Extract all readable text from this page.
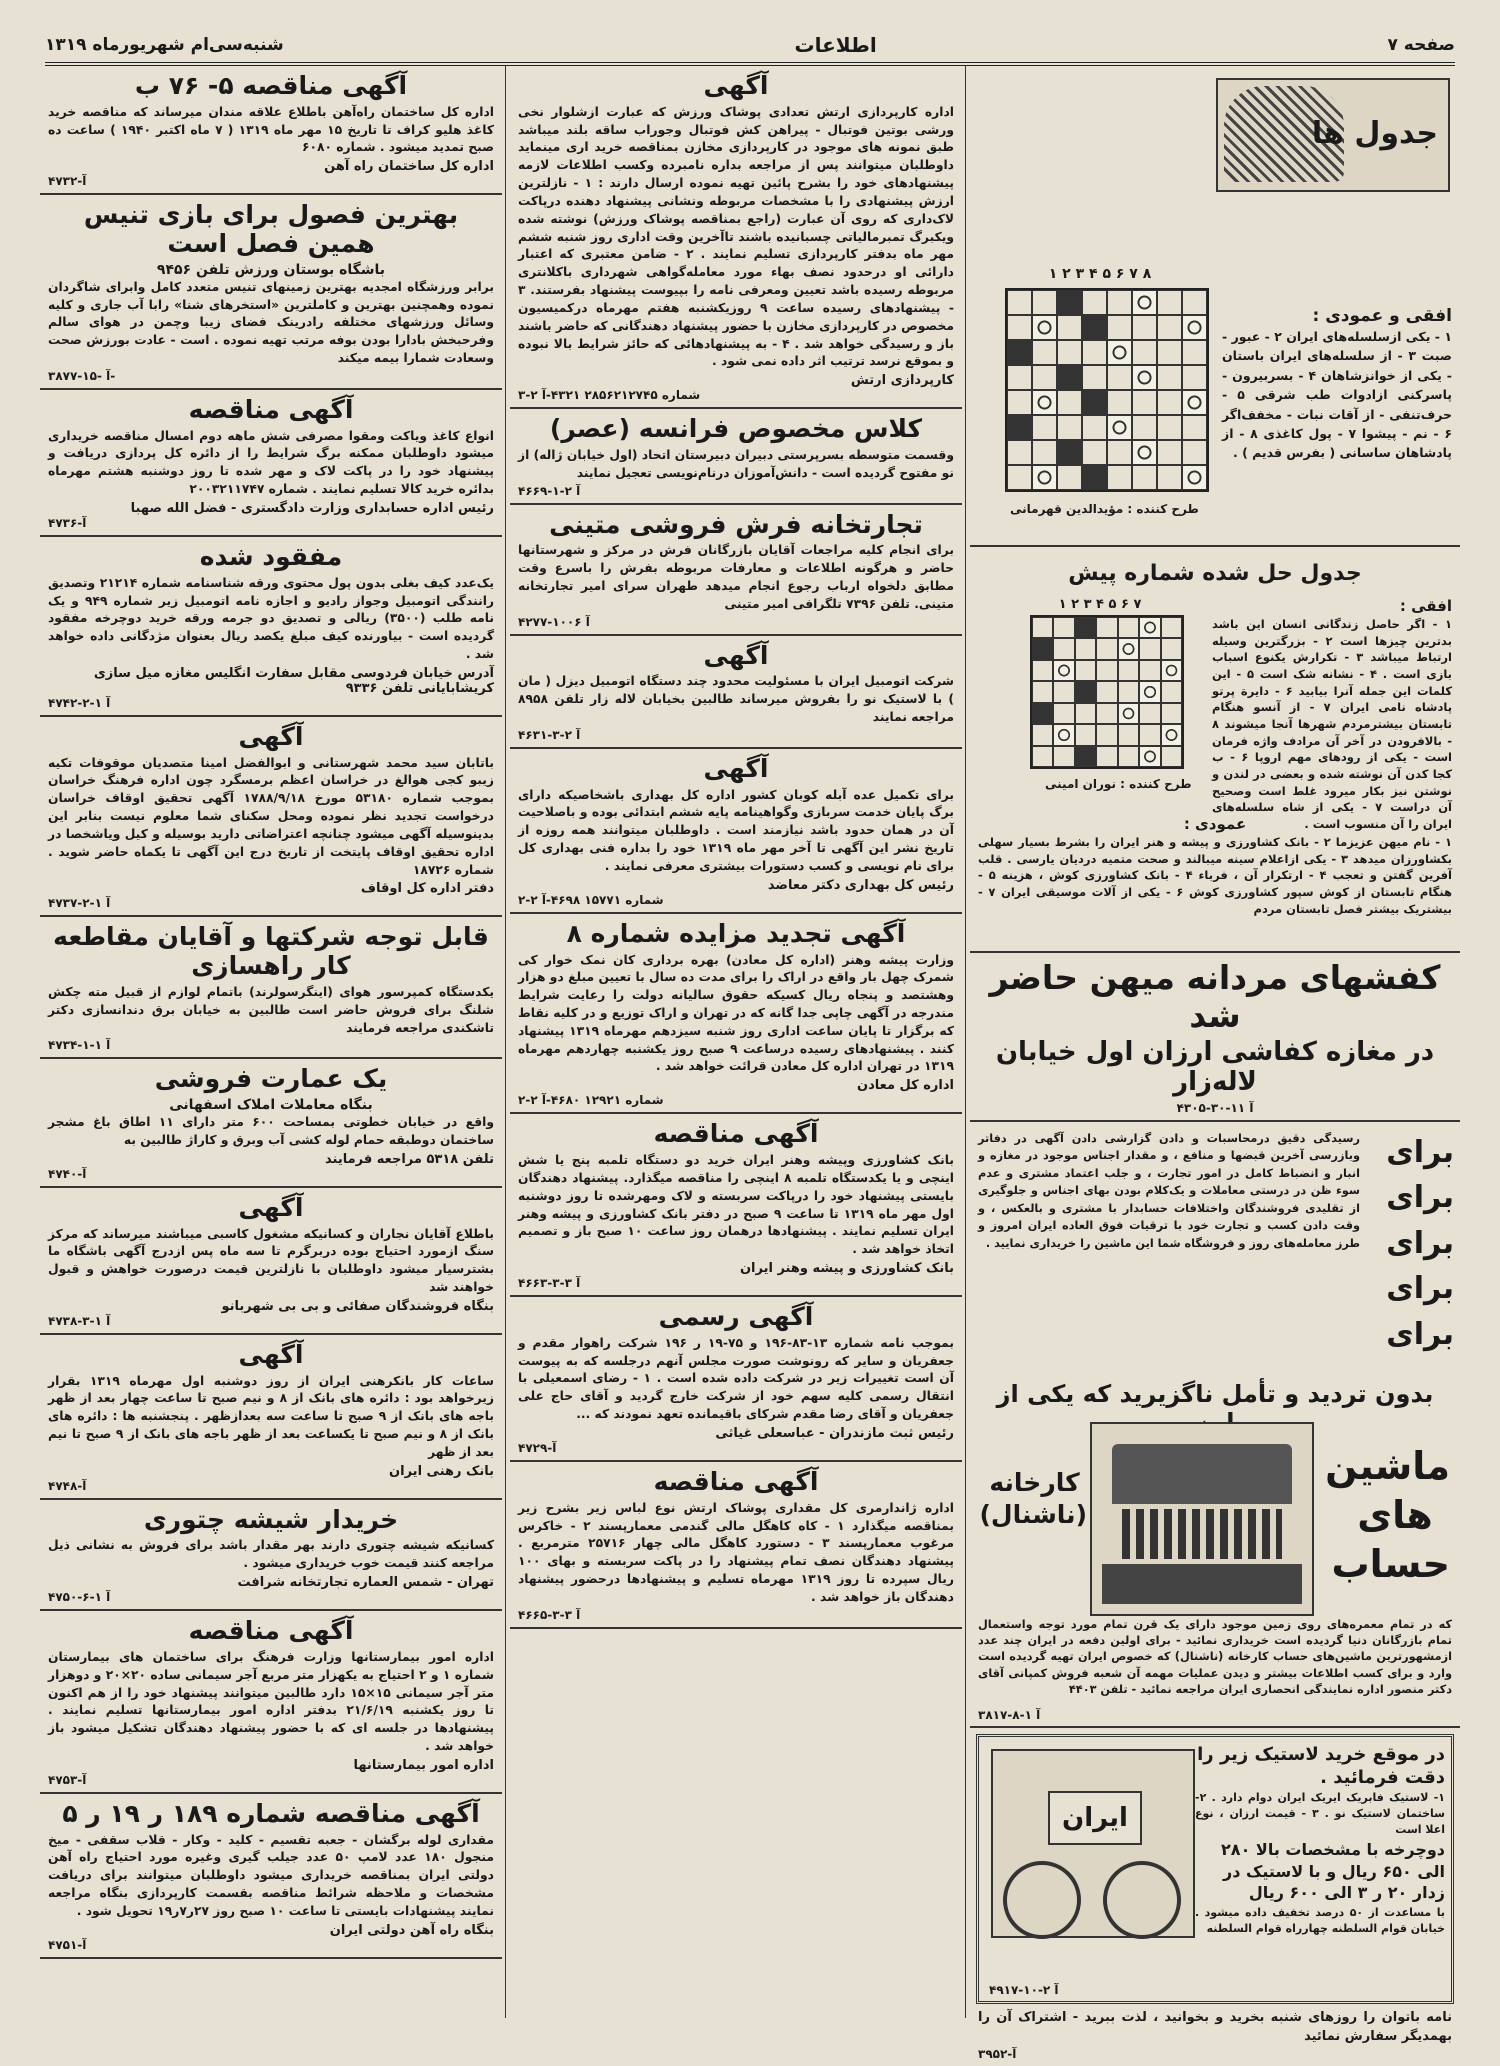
صفحه ۷
اطلاعات
شنبه‌سی‌ام شهریورماه ۱۳۱۹
آگهی مناقصه ۵- ۷۶ ب

اداره کل ساختمان راه‌آهن باطلاع علاقه مندان میرساند که مناقصه خرید کاغذ هلیو کراف تا تاریخ ۱۵ مهر ماه ۱۳۱۹ ( ۷ ماه اکتبر ۱۹۴۰ ) ساعت ده صبح تمدید میشود . شماره ۶۰۸۰

اداره کل ساختمان راه آهن
۴۷۳۲-آ
بهترین فصول برای بازی تنیس همین فصل است
باشگاه بوستان ورزش تلفن ۹۴۵۶

برابر ورزشگاه امجدیه بهترین زمینهای تنیس متعدد کامل وابرای شاگردان نموده وهمچنین بهترین و کاملترین «استخرهای شنا» رابا آب جاری و کلیه وسائل ورزشهای مختلفه رادرینک فضای زیبا وچمن در هوای سالم وفرحبخش بادارا بودن بوفه مرتب تهیه نموده . است - عادت بورزش صحت وسعادت شمارا بیمه میکند

۳۸۷۷-آ -۱۵-
آگهی مناقصه

انواع کاغذ ویاکت ومقوا مصرفی شش ماهه دوم امسال مناقصه خریداری میشود داوطلبان ممکنه برگ شرایط را از دائره کل پردازی دریافت و پیشنهاد خود را در پاکت لاک و مهر شده تا روز دوشنبه هشتم مهرماه بدائره خرید کالا تسلیم نمایند . شماره ۲۰۰۳۲۱۱۷۴۷

رئیس اداره حسابداری وزارت دادگستری - فضل الله صهبا
۴۷۳۶-آ
مفقود شده

یک‌عدد کیف بغلی بدون پول محتوی ورقه شناسنامه شماره ۲۱۲۱۴ وتصدیق رانندگی اتومبیل وجواز رادیو و اجازه نامه اتومبیل زیر شماره ۹۴۹ و یک نامه طلب (۳۵۰۰) ریالی و تصدیق دو جرمه ورقه خرید دوچرخه مفقود گردیده است - بیاورنده کیف مبلغ یکصد ریال بعنوان مژدگانی داده خواهد شد .

آدرس خیابان فردوسی مقابل سفارت انگلیس مغازه میل سازی کریشابایانی تلفن ۹۳۳۶
۴۷۴۲-آ ۱-۲
آگهی

باتابان سید محمد شهرستانی و ابوالفضل امینا متصدیان موقوفات تکیه زیبو کجی هوالغ در خراسان اعظم برمسگرد چون اداره فرهنگ خراسان بموجب شماره ۵۳۱۸۰ مورخ ۱۷۸۸/۹/۱۸ آگهی تحقیق اوقاف خراسان درخواست تجدید نظر نموده ومحل سکنای شما معلوم نیست بنابر این بدینوسیله آگهی میشود چنانچه اعتراضاتی دارید بوسیله و کیل ویاشخصا در اداره تحقیق اوقاف پایتخت از تاریخ درج این آگهی تا یکماه حاضر شوید . شماره ۱۸۷۲۶

دفتر اداره کل اوقاف
۴۷۳۷-آ ۱-۲
قابل توجه شرکتها و آقایان مقاطعه کار راهسازی

یکدستگاه کمپرسور هوای (اینگرسولرند) باتمام لوازم از قبیل مته چکش شلنگ برای فروش حاضر است طالبین به خیابان برق دندانسازی دکتر تاشکندی مراجعه فرمایند

۴۷۳۴-آ ۱-۱
یک عمارت فروشی
بنگاه معاملات املاک اسفهانی

واقع در خیابان خطوتی بمساحت ۶۰۰ متر دارای ۱۱ اطاق باغ مشجر ساختمان دوطبقه حمام لوله کشی آب وبرق و کاراژ طالبین به

تلفن ۵۳۱۸ مراجعه فرمایند
۴۷۴۰-آ
آگهی

باطلاع آقایان نجاران و کسانیکه مشغول کاسبی میباشند میرساند که مرکز سنگ ازمورد احتیاج بوده دربرگرم تا سه ماه پس ازدرج آگهی باشگاه ما بشترسیار میشود داوطلبان با نازلترین قیمت درصورت خواهش و قبول خواهند شد

بنگاه فروشندگان صفائی و بی بی شهربانو
۴۷۳۸-آ ۱-۳
آگهی

ساعات کار بانکرهنی ایران از روز دوشنبه اول مهرماه ۱۳۱۹ بقرار زیرخواهد بود : دائره های بانک از ۸ و نیم صبح تا ساعت چهار بعد از ظهر باجه های بانک از ۹ صبح تا ساعت سه بعدازظهر . پنجشنبه ها : دائره های بانک از ۸ و نیم صبح تا یکساعت بعد از ظهر باجه های بانک از ۹ صبح تا نیم بعد از ظهر

بانک رهنی ایران
۴۷۴۸-آ
خریدار شیشه چتوری

کسانیکه شیشه چتوری دارند بهر مقدار باشد برای فروش به نشانی ذیل مراجعه کنند قیمت خوب خریداری میشود .

تهران - شمس العماره تجارتخانه شرافت
۴۷۵۰-آ ۱-۶
آگهی مناقصه

اداره امور بیمارستانها وزارت فرهنگ برای ساختمان های بیمارستان شماره ۱ و ۲ احتیاج به یکهزار متر مربع آجر سیمانی ساده ۲۰×۲۰ و دوهزار متر آجر سیمانی ۱۵×۱۵ دارد طالبین میتوانند پیشنهاد خود را از هم اکنون تا روز یکشنبه ۲۱/۶/۱۹ بدفتر اداره امور بیمارستانها تسلیم نمایند . پیشنهادها در جلسه ای که با حضور پیشنهاد دهندگان تشکیل میشود باز خواهد شد .

اداره امور بیمارستانها
۴۷۵۳-آ
آگهی مناقصه شماره ۱۸۹ ر ۱۹ ر ۵

مقداری لوله برگشان - جعبه تقسیم - کلید - وکار - قلاب سقفی - میخ منجول ۱۸۰ عدد لامپ ۵۰ عدد جیلب گیری وغیره مورد احتیاج راه آهن دولتی ایران بمناقصه خریداری میشود داوطلبان میتوانند برای دریافت مشخصات و ملاحظه شرائط مناقصه بقسمت کارپردازی بنگاه مراجعه نمایند پیشنهادات بایستی تا ساعت ۱۰ صبح روز ۲۷ر۷ر۱۹ تحویل شود .

بنگاه راه آهن دولتی ایران
۴۷۵۱-آ
آگهی

اداره کارپردازی ارتش تعدادی پوشاک ورزش که عبارت ازشلوار نخی ورشی بوتین فوتبال - پیراهن کش فوتبال وجوراب ساقه بلند میباشد طبق نمونه های موجود در کارپردازی مخازن بمناقصه خرید اری مینماید داوطلبان میتوانند پس از مراجعه بداره نامبرده وکسب اطلاعات لازمه پیشنهادهای خود را بشرح پائین تهیه نموده ارسال دارند : ۱ - نازلترین ارزش پیشنهادی را با مشخصات مربوطه ونشانی پیشنهاد دهنده درپاکت لاک‌داری که روی آن عبارت (راجع بمناقصه پوشاک ورزش) نوشته شده ویکبرگ تمبرمالیاتی چسبانیده باشند تاآخرین وقت اداری روز شنبه ششم مهر ماه بدفتر کارپردازی تسلیم نمایند . ۲ - ضامن معتبری که اعتبار دارائی او درحدود نصف بهاء مورد معامله‌گواهی شهرداری باکلانتری مربوطه رسیده باشد تعیین ومعرفی نامه را بپیوست پیشنهاد بفرستند. ۳ - پیشنهادهای رسیده ساعت ۹ روزیکشنبه هفتم مهرماه درکمیسیون مخصوص در کارپردازی مخازن با حضور پیشنهاد دهندگانی که حاضر باشند باز و رسیدگی خواهد شد . ۴ - به پیشنهادهائی که حائز شرایط بالا نبوده و بموقع نرسد ترتیب اثر داده نمی شود .

کارپردازی ارتش
شماره ۲۸۵۶۲۱۲۷۴۵ ۴۳۲۱-آ ۲-۳
کلاس مخصوص فرانسه (عصر)

وقسمت متوسطه بسرپرستی دبیران دبیرستان اتحاد (اول خیابان ژاله) از نو مفتوح گردیده است - دانش‌آموزان درنام‌نویسی تعجیل نمایند

۴۶۶۹-آ ۲-۱
تجارتخانه فرش فروشی متینی

برای انجام کلیه مراجعات آقایان بازرگانان فرش در مرکز و شهرستانها حاضر و هرگونه اطلاعات و معارفات مربوطه بفرش را باسرع وقت مطابق دلخواه ارباب رجوع انجام میدهد طهران سرای امیر تجارتخانه متینی. تلفن ۷۳۹۶ تلگرافی امیر متینی

۴۲۷۷-آ ۱۰۰۶
آگهی

شرکت اتومبیل ایران با مسئولیت محدود چند دستگاه اتومبیل دیزل ( مان ) با لاستیک نو را بفروش میرساند طالبین بخیابان لاله زار تلفن ۸۹۵۸ مراجعه نمایند

۴۶۳۱-آ ۲-۳
آگهی

برای تکمیل عده آبله کوبان کشور اداره کل بهداری باشخاصیکه دارای برگ پایان خدمت سربازی وگواهینامه پایه ششم ابتدائی بوده و باصلاحیت آن در همان حدود باشد نیازمند است . داوطلبان میتوانند همه روزه از تاریخ نشر این آگهی تا آخر مهر ماه ۱۳۱۹ خود را بداره فنی بهداری کل برای نام نویسی و کسب دستورات بیشتری معرفی نمایند .

رئیس کل بهداری دکتر معاضد
شماره ۱۵۷۷۱ ۴۶۹۸-آ ۲-۲
آگهی تجدید مزایده شماره ۸

وزارت پیشه وهنر (اداره کل معادن) بهره برداری کان نمک خوار کی شمرک چهل بار واقع در اراک را برای مدت ده سال با تعیین مبلغ دو هزار وهشتصد و پنجاه ریال کسیکه حقوق سالیانه دولت را رعایت شرایط مندرجه در آگهی چاپی جدا گانه که در تهران و اراک توزیع و در کلیه نقاط که برگزار تا پایان ساعت اداری روز شنبه سیزدهم مهرماه ۱۳۱۹ پیشنهاد کنند . پیشنهادهای رسیده درساعت ۹ صبح روز یکشنبه چهاردهم مهرماه ۱۳۱۹ در تهران اداره کل معادن قرائت خواهد شد .

اداره کل معادن
شماره ۱۲۹۲۱ ۴۶۸۰-آ ۲-۲
آگهی مناقصه

بانک کشاورزی وپیشه وهنر ایران خرید دو دستگاه تلمبه پنج یا شش اینچی و یا یکدستگاه تلمبه ۸ اینچی را مناقصه میگذارد. پیشنهاد دهندگان بایستی پیشنهاد خود را درپاکت سربسته و لاک ومهرشده تا روز دوشنبه اول مهر ماه ۱۳۱۹ تا ساعت ۹ صبح در دفتر بانک کشاورزی و پیشه وهنر ایران تسلیم نمایند . پیشنهادها درهمان روز ساعت ۱۰ صبح باز و تصمیم اتخاذ خواهد شد .

بانک کشاورزی و پیشه وهنر ایران
۴۶۶۳-آ ۳-۳
آگهی رسمی

بموجب نامه شماره ۱۳-۸۳-۱۹۶ و ۷۵-۱۹ ر ۱۹۶ شرکت راهوار مقدم و جعفریان و سایر که رونوشت صورت مجلس آنهم درجلسه که به پیوست آن است تغییرات زیر در شرکت داده شده است . ۱ - رضای اسمعیلی با انتقال رسمی کلیه سهم خود از شرکت خارج گردید و آقای حاج علی جعفریان و آقای رضا مقدم شرکای باقیمانده تعهد نمودند که ...

رئیس ثبت مازندران - عباسعلی غیاثی
۴۷۲۹-آ
آگهی مناقصه

اداره ژاندارمری کل مقداری پوشاک ارتش نوع لباس زیر بشرح زیر بمناقصه میگذارد ۱ - کاه کاهگل مالی گندمی معمارپسند ۲ - خاکرس مرغوب معمارپسند ۳ - دستورد کاهگل مالی چهار ۲۵۷۱۶ مترمربع . پیشنهاد دهندگان نصف تمام پیشنهاد را در پاکت سربسته و بهای ۱۰۰ ریال سپرده تا روز ۱۳۱۹ مهرماه تسلیم و پیشنهادها درحضور پیشنهاد دهندگان باز خواهد شد .

۴۶۶۵-آ ۳-۳
جدول ها
۸ ۷ ۶ ۵ ۴ ۳ ۲ ۱
طرح کننده : مؤیدالدین قهرمانی
افقی و عمودی :

۱ - یکی ازسلسله‌های ایران ۲ - عبور - صبت ۳ - از سلسله‌های ایران باستان - یکی از خوانزشاهان ۴ - بسربیرون - پاسرکنی ازادوات طب شرقی ۵ - حرف‌تنفی - از آقات نبات - مخفف‌اگر ۶ - نم - پیشوا ۷ - پول کاغذی ۸ - از پادشاهان ساسانی ( بفرس قدیم ) .

جدول حل شده شماره پیش
۷ ۶ ۵ ۴ ۳ ۲ ۱
طرح کننده : نوران امینی
افقی :

۱ - اگر حاصل زندگانی انسان این باشد بدترین چیزها است ۲ - بزرگترین وسیله ارتباط میباشد ۳ - تکرارش یکنوع اسباب بازی است . ۴ - نشانه شک است ۵ - این کلمات این جمله آنرا بیابید ۶ - دایرة پرتو پادشاه نامی ایران ۷ - از آنسو هنگام تابستان بیشترمردم شهرها آنجا میشوند ۸ - بالافرودن در آخر آن مرادف واژه فرمان است - یکی از رودهای مهم اروپا ۶ - ب کجا کدن آن نوشته شده و بعضی در لندن و نوشتن نیز بکار میرود غلط است وصحیح آن دراست ۷ - یکی از شاه سلسله‌های ایران را آن منسوب است .

عمودی :

۱ - نام میهن عزیزما ۲ - بانک کشاورزی و پیشه و هنر ایران را بشرط بسیار سهلی بکشاورزان میدهد ۳ - یکی ازاعلام سینه میبالند و صحت متمیه دردیان یارسی . قلب آفرین گفتن و تعجب ۴ - ارتکرار آن ، فرباء ۴ - بانک کشاورزی کوش ، هزینه ۵ - هنگام تابستان از کوش سپور کشاورزی کوش ۶ - یکی از آلات موسیقی ایران ۷ - بیشتریک بیشتر فصل تابستان مردم

کفشهای مردانه میهن حاضر شد
در مغازه کفاشی ارزان اول خیابان لاله‌زار
۴۳۰۵-آ ۱۱-۳۰
برای
برای
برای
برای
برای

رسیدگی دقیق درمحاسبات و دادن گزارشی دادن آگهی در دفاتر وبازرسی آخرین قبضها و منافع ، و مقدار اجناس موجود در مغازه و انبار و انضباط کامل در امور تجارت ، و جلب اعتماد مشتری و عدم سوء ظن در درستی معاملات و یک‌کلام بودن بهای اجناس و جلوگیری از تقلیدی فروشندگان واختلافات حسابدار با مشتری و بالعکس ، و وقت دادن کسب و تجارت خود با ترقیات فوق العاده ایران امروز و طرز معامله‌های روز و فروشگاه شما این ماشین را خریداری نمایید .

بدون تردید و تأمل ناگزیرید که یکی از
کارخانه (ناشنال)
ماشین های حساب

که در تمام معمره‌های روی زمین موجود دارای یک قرن تمام مورد توجه واستعمال تمام بازرگانان دنیا گردیده است خریداری نمائید - برای اولین دفعه در ایران چند عدد ازمشهورترین ماشین‌های حساب کارخانه (ناشنال) که خصوص ایران تهیه گردیده است وارد و برای کسب اطلاعات بیشتر و دیدن عملیات مهمه آن شعبه فروش کمپانی آقای دکتر منصور اداره نمایندگی انحصاری ایران مراجعه نمائید - تلفن ۴۴۰۳

۳۸۱۷-آ ۱-۸
ایران
در موقع خرید لاستیک زیر را دقت فرمائید .

۱- لاستیک فابریک ایریک ایران دوام دارد . ۲- ساختمان لاستیک نو . ۳ - قیمت ارزان ، نوع اعلا است

دوچرخه با مشخصات بالا ۲۸۰ الی ۶۵۰ ریال و با لاستیک در زدار ۲۰ ر ۳ الی ۶۰۰ ریال

با مساعدت از ۵۰ درصد تخفیف داده میشود . خیابان قوام السلطنه چهارراه قوام السلطنه

۴۹۱۷-آ ۲-۱۰

نامه باتوان را روزهای شنبه بخرید و بخوانید ، لذت ببرید - اشتراک آن را بهمدیگر سفارش نمائید

۳۹۵۲-آ
